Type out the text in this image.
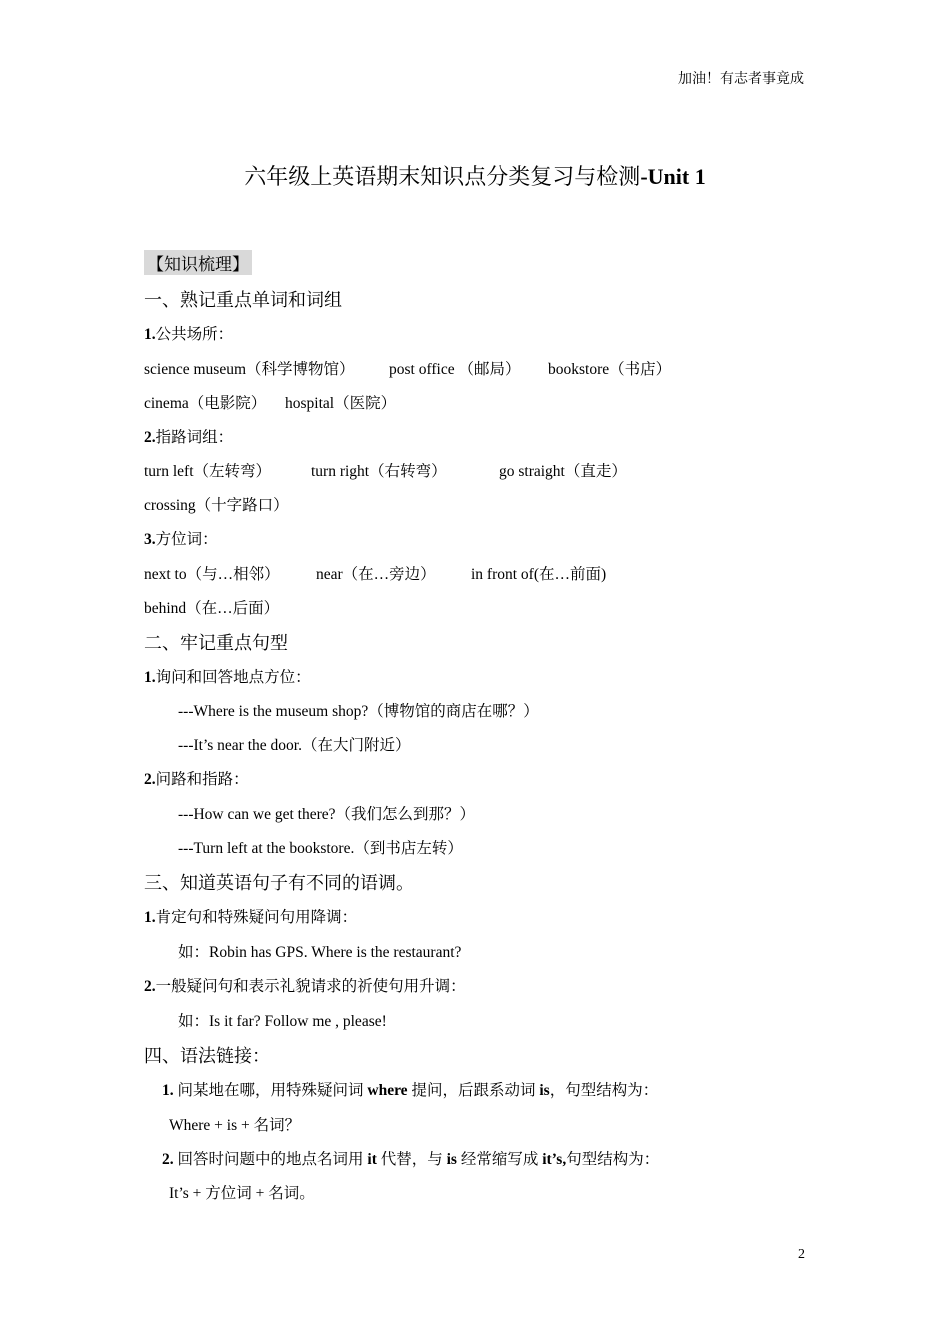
加油！有志者事竟成
六年级上英语期末知识点分类复习与检测-Unit 1
【知识梳理】
一、熟记重点单词和词组
1.公共场所：
science museum（科学博物馆） post office （邮局） bookstore（书店）
cinema（电影院） hospital（医院）
2.指路词组：
turn left（左转弯）	turn right（右转弯）	go straight（直走）
crossing（十字路口）
3.方位词：
next to（与…相邻） near（在…旁边） in front of(在…前面)
behind（在…后面）
二、牢记重点句型
1.询问和回答地点方位：
---Where is the museum shop?（博物馆的商店在哪？）
---It’s near the door.（在大门附近）
2.问路和指路：
---How can we get there?（我们怎么到那？）
---Turn left at the bookstore.（到书店左转）
三、知道英语句子有不同的语调。
1.肯定句和特殊疑问句用降调：
如：Robin has GPS. Where is the restaurant?
2.一般疑问句和表示礼貌请求的祈使句用升调：
如：Is it far? Follow me , please!
四、语法链接：
1. 问某地在哪，用特殊疑问词 where 提问，后跟系动词 is，句型结构为：
Where + is + 名词？
2. 回答时问题中的地点名词用 it 代替，与 is 经常缩写成 it’s,句型结构为：
It’s + 方位词 + 名词。
2
